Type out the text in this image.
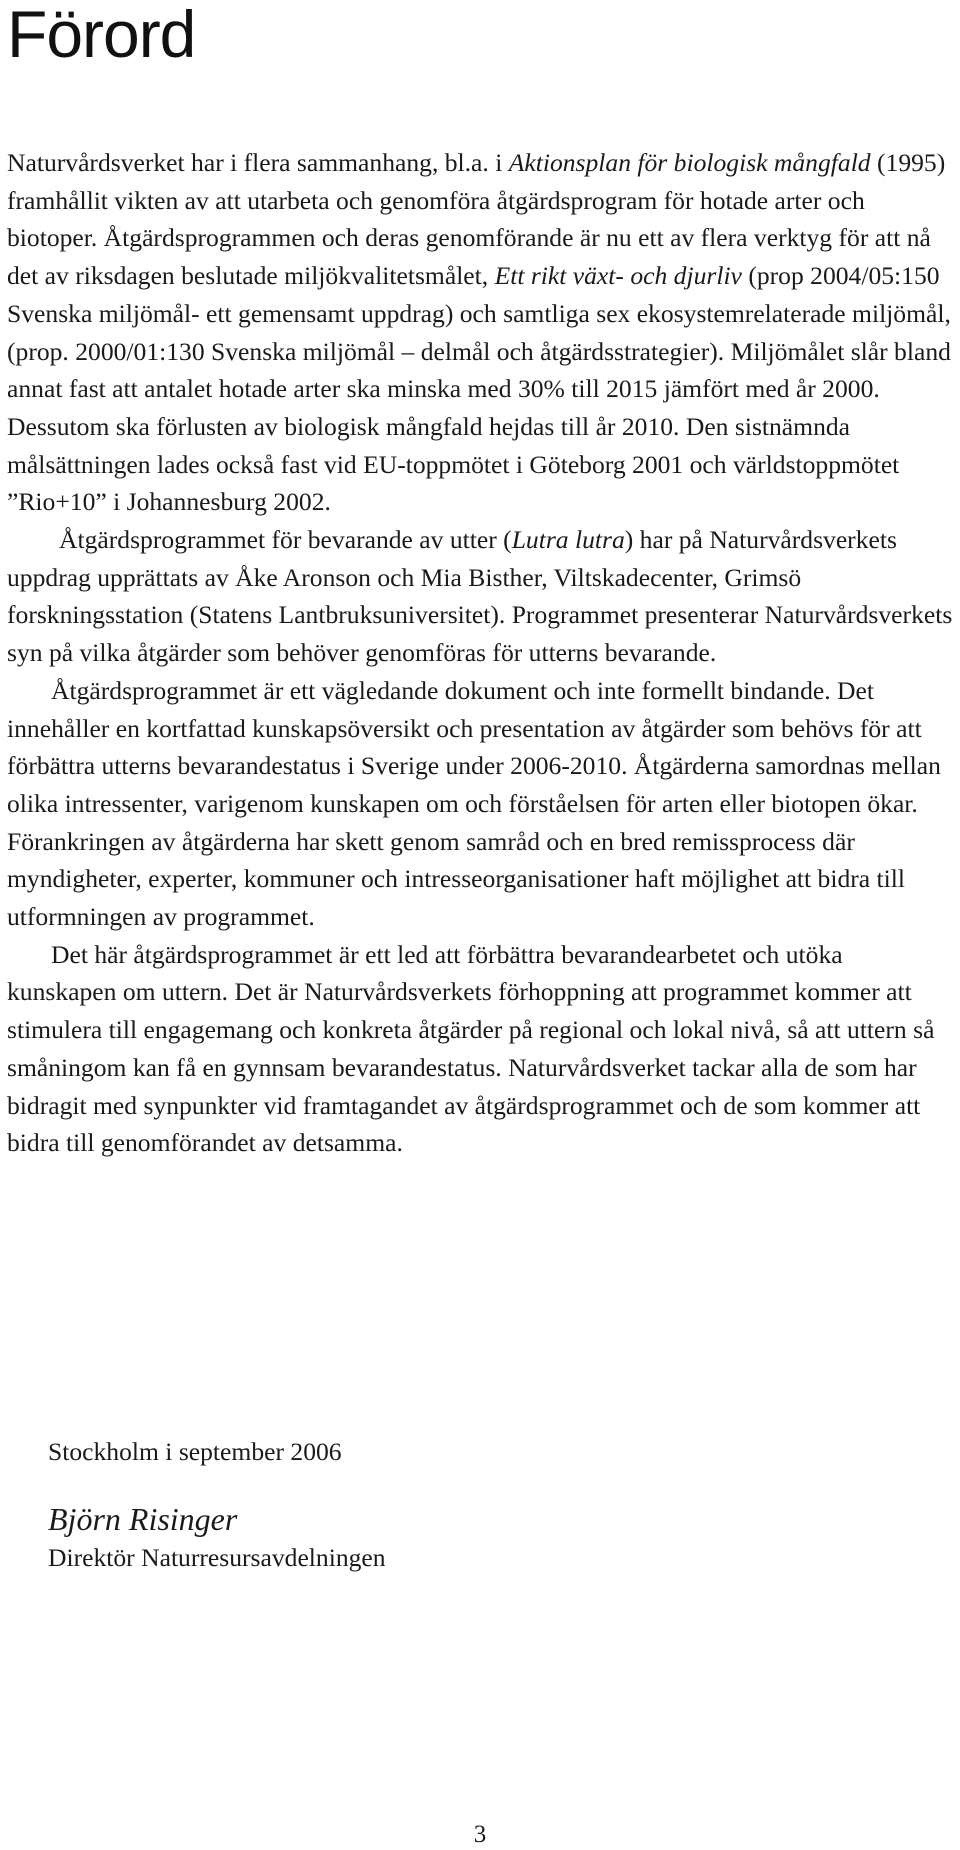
Förord

Naturvårdsverket har i flera sammanhang, bl.a. i Aktionsplan för biologisk mångfald (1995) framhållit vikten av att utarbeta och genomföra åtgärdsprogram för hotade arter och biotoper. Åtgärdsprogrammen och deras genomförande är nu ett av flera verktyg för att nå det av riksdagen beslutade miljökvalitetsmålet, Ett rikt växt- och djurliv (prop 2004/05:150 Svenska miljömål- ett gemensamt uppdrag) och samtliga sex ekosystemrelaterade miljömål, (prop. 2000/01:130 Svenska miljömål – delmål och åtgärdsstrategier). Miljömålet slår bland annat fast att antalet hotade arter ska minska med 30% till 2015 jämfört med år 2000. Dessutom ska förlusten av biologisk mångfald hejdas till år 2010. Den sistnämnda målsättningen lades också fast vid EU-toppmötet i Göteborg 2001 och världstoppmötet ”Rio+10” i Johannesburg 2002.

Åtgärdsprogrammet för bevarande av utter (Lutra lutra) har på Naturvårdsverkets uppdrag upprättats av Åke Aronson och Mia Bisther, Viltskadecenter, Grimsö forskningsstation (Statens Lantbruksuniversitet). Programmet presenterar Naturvårdsverkets syn på vilka åtgärder som behöver genomföras för utterns bevarande.

Åtgärdsprogrammet är ett vägledande dokument och inte formellt bindande. Det innehåller en kortfattad kunskapsöversikt och presentation av åtgärder som behövs för att förbättra utterns bevarandestatus i Sverige under 2006-2010. Åtgärderna samordnas mellan olika intressenter, varigenom kunskapen om och förståelsen för arten eller biotopen ökar. Förankringen av åtgärderna har skett genom samråd och en bred remissprocess där myndigheter, experter, kommuner och intresseorganisationer haft möjlighet att bidra till utformningen av programmet.

Det här åtgärdsprogrammet är ett led att förbättra bevarandearbetet och utöka kunskapen om uttern. Det är Naturvårdsverkets förhoppning att programmet kommer att stimulera till engagemang och konkreta åtgärder på regional och lokal nivå, så att uttern så småningom kan få en gynnsam bevarandestatus. Naturvårdsverket tackar alla de som har bidragit med synpunkter vid framtagandet av åtgärdsprogrammet och de som kommer att bidra till genomförandet av detsamma.

Stockholm i september 2006
Björn Risinger
Direktör Naturresursavdelningen
3
